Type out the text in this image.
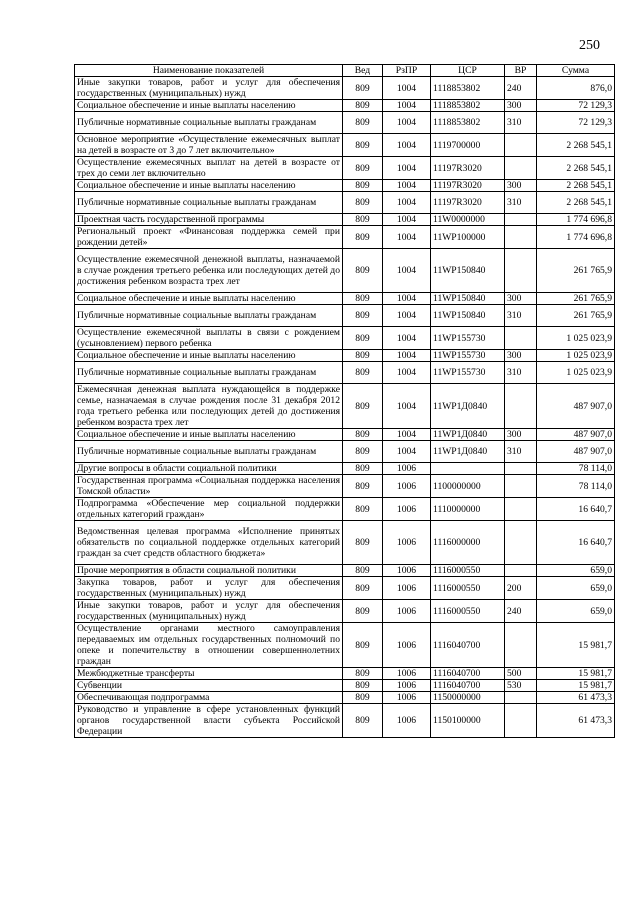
250
Наименование показателей	Вед	РзПР	ЦСР	ВР	Сумма
Иные закупки товаров, работ и услуг для обеспечения государственных (муниципальных) нужд	809	1004	1118853802	240	876,0
Социальное обеспечение и иные выплаты населению	809	1004	1118853802	300	72 129,3
Публичные нормативные социальные выплаты гражданам	809	1004	1118853802	310	72 129,3
Основное мероприятие «Осуществление ежемесячных выплат на детей в возрасте от 3 до 7 лет включительно»	809	1004	1119700000		2 268 545,1
Осуществление ежемесячных выплат на детей в возрасте от трех до семи лет включительно	809	1004	11197R3020		2 268 545,1
Социальное обеспечение и иные выплаты населению	809	1004	11197R3020	300	2 268 545,1
Публичные нормативные социальные выплаты гражданам	809	1004	11197R3020	310	2 268 545,1
Проектная часть государственной программы	809	1004	11W0000000		1 774 696,8
Региональный проект «Финансовая поддержка семей при рождении детей»	809	1004	11WP100000		1 774 696,8
Осуществление ежемесячной денежной выплаты, назначаемой в случае рождения третьего ребенка или последующих детей до достижения ребенком возраста трех лет	809	1004	11WP150840		261 765,9
Социальное обеспечение и иные выплаты населению	809	1004	11WP150840	300	261 765,9
Публичные нормативные социальные выплаты гражданам	809	1004	11WP150840	310	261 765,9
Осуществление ежемесячной выплаты в связи с рождением (усыновлением) первого ребенка	809	1004	11WP155730		1 025 023,9
Социальное обеспечение и иные выплаты населению	809	1004	11WP155730	300	1 025 023,9
Публичные нормативные социальные выплаты гражданам	809	1004	11WP155730	310	1 025 023,9
Ежемесячная денежная выплата нуждающейся в поддержке семье, назначаемая в случае рождения после 31 декабря 2012 года третьего ребенка или последующих детей до достижения ребенком возраста трех лет	809	1004	11WP1Д0840		487 907,0
Социальное обеспечение и иные выплаты населению	809	1004	11WP1Д0840	300	487 907,0
Публичные нормативные социальные выплаты гражданам	809	1004	11WP1Д0840	310	487 907,0
Другие вопросы в области социальной политики	809	1006			78 114,0
Государственная программа «Социальная поддержка населения Томской области»	809	1006	1100000000		78 114,0
Подпрограмма «Обеспечение мер социальной поддержки отдельных категорий граждан»	809	1006	1110000000		16 640,7
Ведомственная целевая программа «Исполнение принятых обязательств по социальной поддержке отдельных категорий граждан за счет средств областного бюджета»	809	1006	1116000000		16 640,7
Прочие мероприятия в области социальной политики	809	1006	1116000550		659,0
Закупка товаров, работ и услуг для обеспечения государственных (муниципальных) нужд	809	1006	1116000550	200	659,0
Иные закупки товаров, работ и услуг для обеспечения государственных (муниципальных) нужд	809	1006	1116000550	240	659,0
Осуществление органами местного самоуправления передаваемых им отдельных государственных полномочий по опеке и попечительству в отношении совершеннолетних граждан	809	1006	1116040700		15 981,7
Межбюджетные трансферты	809	1006	1116040700	500	15 981,7
Субвенции	809	1006	1116040700	530	15 981,7
Обеспечивающая подпрограмма	809	1006	1150000000		61 473,3
Руководство и управление в сфере установленных функций органов государственной власти субъекта Российской Федерации	809	1006	1150100000		61 473,3
